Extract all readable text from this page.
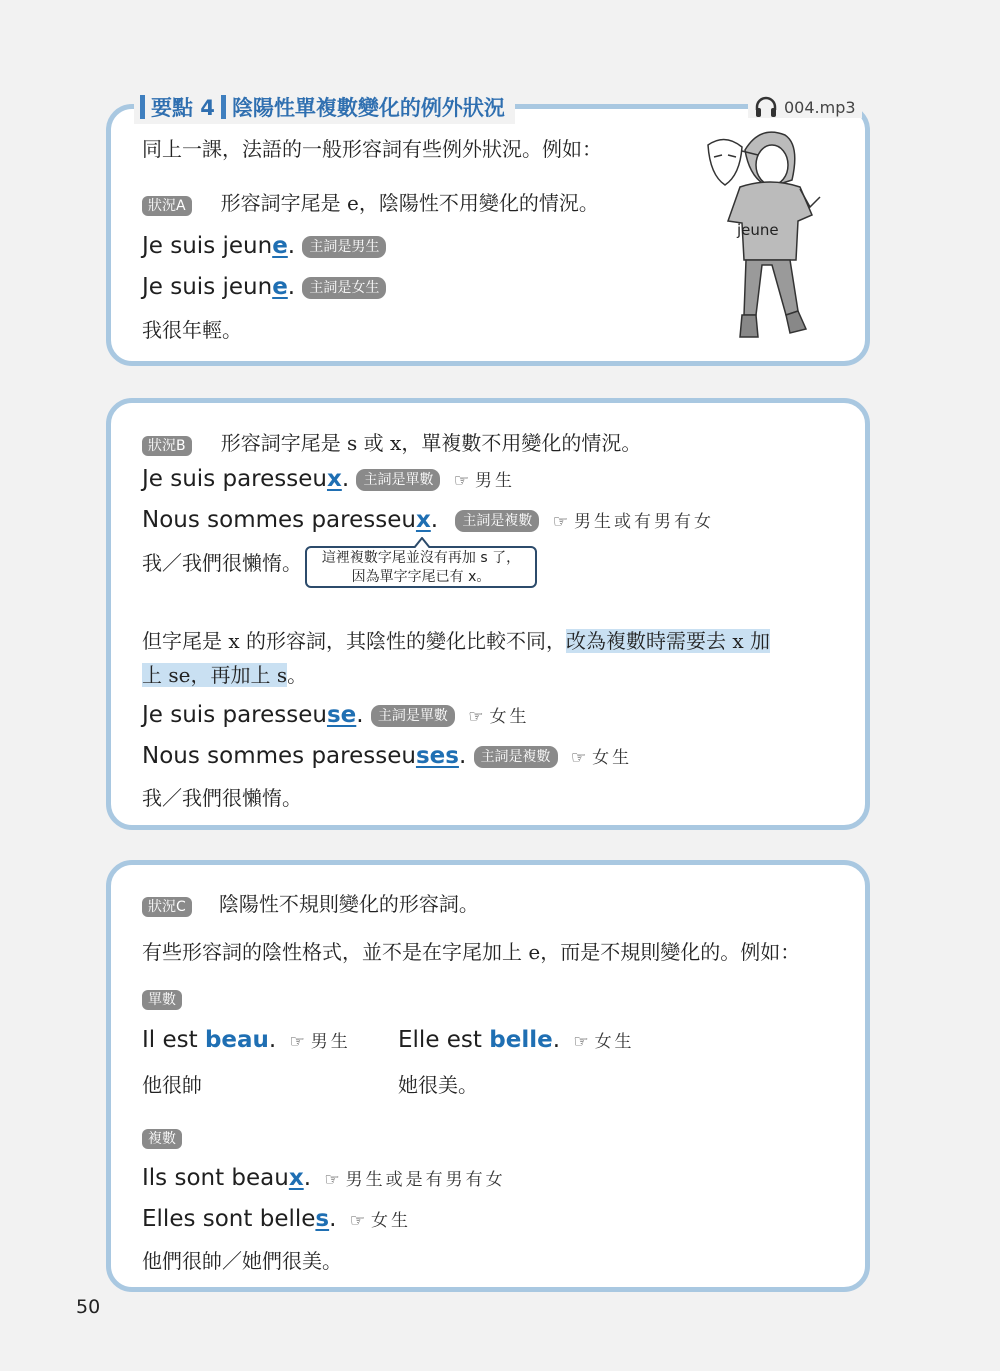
要點 4 陰陽性單複數變化的例外狀況	004.mp3
同上一課，法語的一般形容詞有些例外狀況。例如：
狀況A 形容詞字尾是 e，陰陽性不用變化的情況。
Je suis jeune. 主詞是男生
Je suis jeune. 主詞是女生
我很年輕。
jeune
狀況B 形容詞字尾是 s 或 x，單複數不用變化的情況。
Je suis paresseux. 主詞是單數 ☞ 男生
Nous sommes paresseux. 主詞是複數 ☞ 男生或有男有女
我／我們很懶惰。	這裡複數字尾並沒有再加 s 了，
因為單字字尾已有 x。
但字尾是 x 的形容詞，其陰性的變化比較不同，改為複數時需要去 x 加
上 se，再加上 s。
Je suis paresseuse. 主詞是單數 ☞ 女生
Nous sommes paresseuses. 主詞是複數 ☞ 女生
我／我們很懶惰。
狀況C 陰陽性不規則變化的形容詞。
有些形容詞的陰性格式，並不是在字尾加上 e，而是不規則變化的。例如：
單數
Il est beau. ☞ 男生 Elle est belle. ☞ 女生
他很帥	她很美。
複數
Ils sont beaux. ☞ 男生或是有男有女
Elles sont belles. ☞ 女生
他們很帥／她們很美。
50
